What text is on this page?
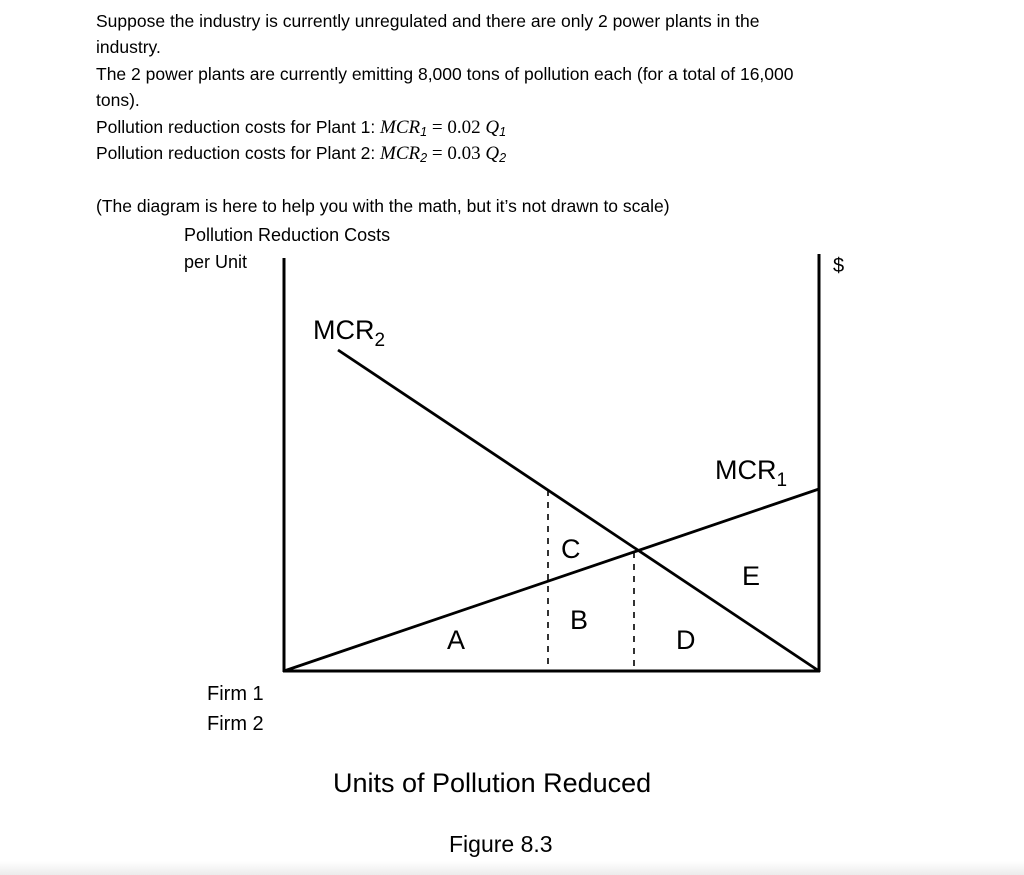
Suppose the industry is currently unregulated and there are only 2 power plants in the

industry.

The 2 power plants are currently emitting 8,000 tons of pollution each (for a total of 16,000

tons).

Pollution reduction costs for Plant 1: $MCR_1 = 0.02$ $Q_1$

Pollution reduction costs for Plant 2: $MCR_2 = 0.03$ $Q_2$

(The diagram is here to help you with the math, but it’s not drawn to scale)

Pollution Reduction Costs
per Unit	$
$MCR_2$
$MCR_1$
A
B
C
D
E
Firm 1
Firm 2
Units of Pollution Reduced
Figure 8.3
